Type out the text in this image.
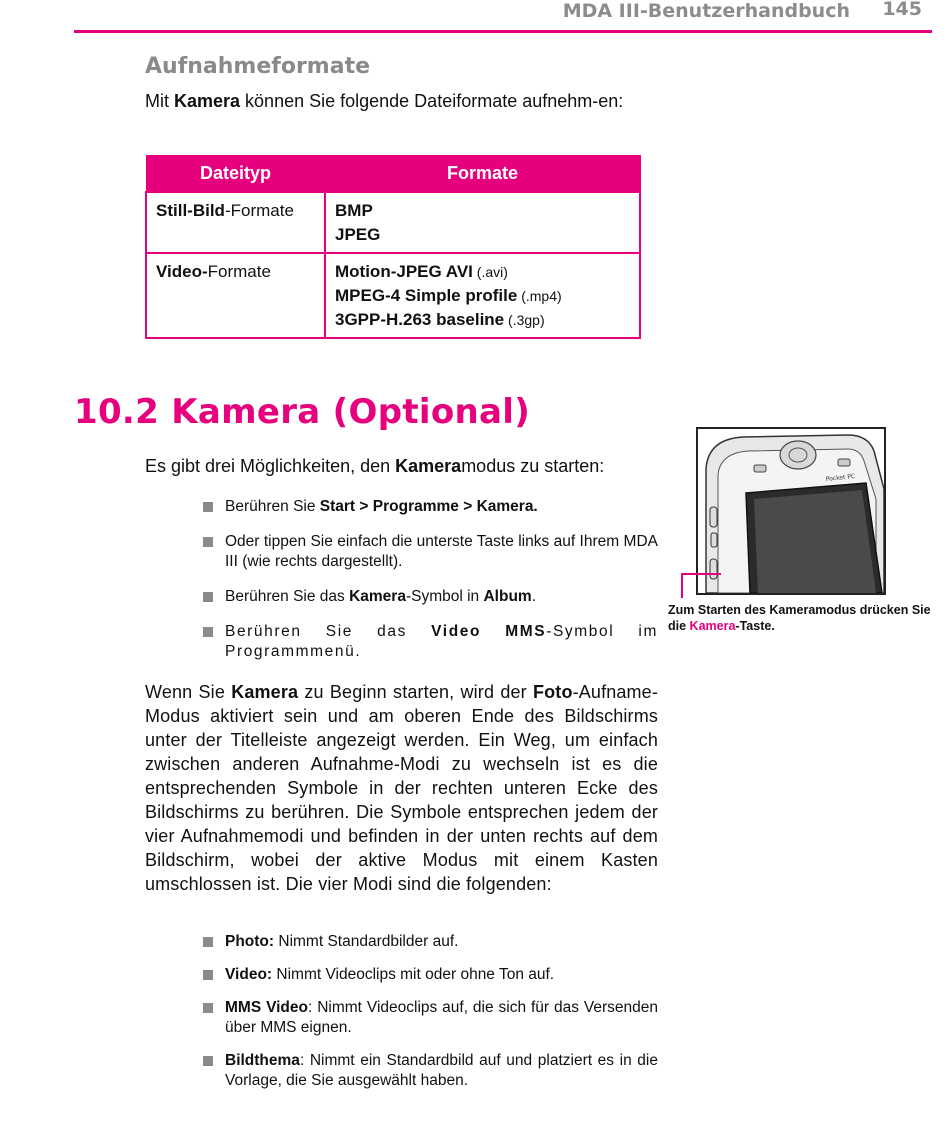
MDA III-Benutzerhandbuch 145
Aufnahmeformate

Mit Kamera können Sie folgende Dateiformate aufnehm-en:

Dateityp	Formate
Still-Bild-Formate	BMP
JPEG
Video-Formate	Motion-JPEG AVI (.avi)
MPEG-4 Simple profile (.mp4)
3GPP-H.263 baseline (.3gp)
10.2 Kamera (Optional)

Es gibt drei Möglichkeiten, den Kameramodus zu starten:

Berühren Sie Start > Programme > Kamera.
Oder tippen Sie einfach die unterste Taste links auf Ihrem MDA III (wie rechts dargestellt).
Berühren Sie das Kamera-Symbol in Album.
Berühren Sie das Video MMS-Symbol im Programmmenü.

Wenn Sie Kamera zu Beginn starten, wird der Foto-Aufname-Modus aktiviert sein und am oberen Ende des Bildschirms unter der Titelleiste angezeigt werden. Ein Weg, um einfach zwischen anderen Aufnahme-Modi zu wechseln ist es die entsprechenden Symbole in der rechten unteren Ecke des Bildschirms zu berühren. Die Symbole entsprechen jedem der vier Aufnahmemodi und befinden in der unten rechts auf dem Bildschirm, wobei der aktive Modus mit einem Kasten umschlossen ist. Die vier Modi sind die folgenden:

Photo: Nimmt Standardbilder auf.
Video: Nimmt Videoclips mit oder ohne Ton auf.
MMS Video: Nimmt Videoclips auf, die sich für das Versenden über MMS eignen.
Bildthema: Nimmt ein Standardbild auf und platziert es in die Vorlage, die Sie ausgewählt haben.
Pocket PC
Zum Starten des Kameramodus drücken Sie die Kamera-Taste.
